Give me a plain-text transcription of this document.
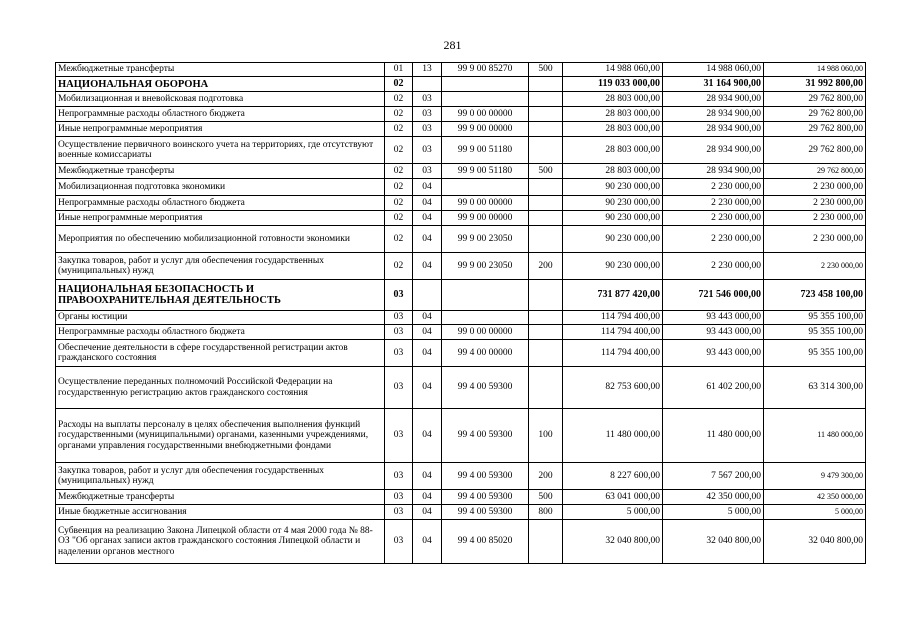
281
Межбюджетные трансферты	01	13	99 9 00 85270	500	14 988 060,00	14 988 060,00	14 988 060,00
НАЦИОНАЛЬНАЯ ОБОРОНА	02				119 033 000,00	31 164 900,00	31 992 800,00
Мобилизационная и вневойсковая подготовка	02	03			28 803 000,00	28 934 900,00	29 762 800,00
Непрограммные расходы областного бюджета	02	03	99 0 00 00000		28 803 000,00	28 934 900,00	29 762 800,00
Иные непрограммные мероприятия	02	03	99 9 00 00000		28 803 000,00	28 934 900,00	29 762 800,00
Осуществление первичного воинского учета на территориях, где отсутствуют военные комиссариаты	02	03	99 9 00 51180		28 803 000,00	28 934 900,00	29 762 800,00
Межбюджетные трансферты	02	03	99 9 00 51180	500	28 803 000,00	28 934 900,00	29 762 800,00
Мобилизационная подготовка экономики	02	04			90 230 000,00	2 230 000,00	2 230 000,00
Непрограммные расходы областного бюджета	02	04	99 0 00 00000		90 230 000,00	2 230 000,00	2 230 000,00
Иные непрограммные мероприятия	02	04	99 9 00 00000		90 230 000,00	2 230 000,00	2 230 000,00
Мероприятия по обеспечению мобилизационной готовности экономики	02	04	99 9 00 23050		90 230 000,00	2 230 000,00	2 230 000,00
Закупка товаров, работ и услуг для обеспечения государственных (муниципальных) нужд	02	04	99 9 00 23050	200	90 230 000,00	2 230 000,00	2 230 000,00
НАЦИОНАЛЬНАЯ БЕЗОПАСНОСТЬ И ПРАВООХРАНИТЕЛЬНАЯ ДЕЯТЕЛЬНОСТЬ	03				731 877 420,00	721 546 000,00	723 458 100,00
Органы юстиции	03	04			114 794 400,00	93 443 000,00	95 355 100,00
Непрограммные расходы областного бюджета	03	04	99 0 00 00000		114 794 400,00	93 443 000,00	95 355 100,00
Обеспечение деятельности в сфере государственной регистрации актов гражданского состояния	03	04	99 4 00 00000		114 794 400,00	93 443 000,00	95 355 100,00
Осуществление переданных полномочий Российской Федерации на государственную регистрацию актов гражданского состояния	03	04	99 4 00 59300		82 753 600,00	61 402 200,00	63 314 300,00
Расходы на выплаты персоналу в целях обеспечения выполнения функций государственными (муниципальными) органами, казенными учреждениями, органами управления государственными внебюджетными фондами	03	04	99 4 00 59300	100	11 480 000,00	11 480 000,00	11 480 000,00
Закупка товаров, работ и услуг для обеспечения государственных (муниципальных) нужд	03	04	99 4 00 59300	200	8 227 600,00	7 567 200,00	9 479 300,00
Межбюджетные трансферты	03	04	99 4 00 59300	500	63 041 000,00	42 350 000,00	42 350 000,00
Иные бюджетные ассигнования	03	04	99 4 00 59300	800	5 000,00	5 000,00	5 000,00
Субвенция на реализацию Закона Липецкой области от 4 мая 2000 года № 88-ОЗ "Об органах записи актов гражданского состояния Липецкой области и наделении органов местного	03	04	99 4 00 85020		32 040 800,00	32 040 800,00	32 040 800,00
